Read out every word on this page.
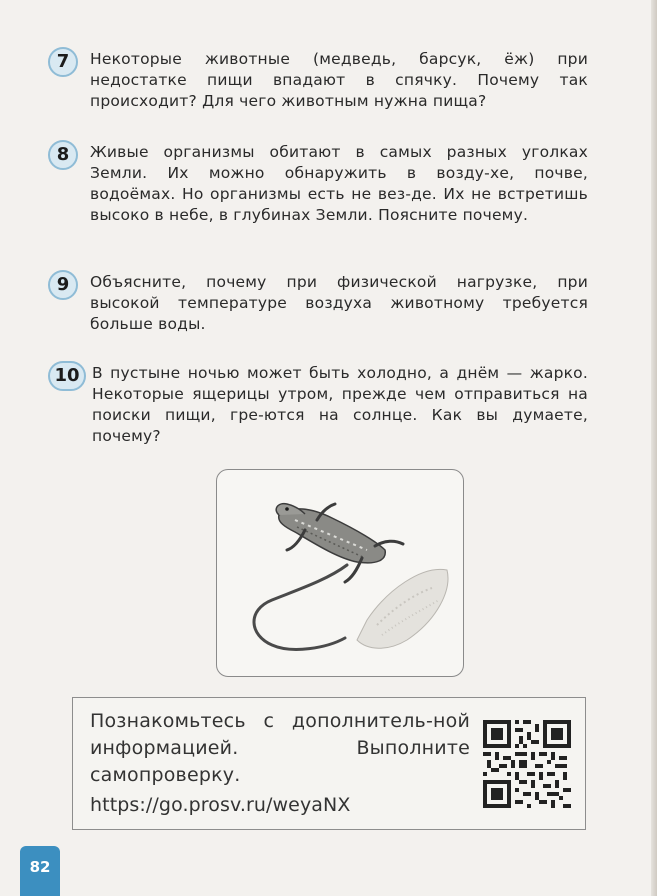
7	Некоторые животные (медведь, барсук, ёж) при недостатке пищи впадают в спячку. Почему так происходит? Для чего животным нужна пища?
8	Живые организмы обитают в самых разных уголках Земли. Их можно обнаружить в возду-хе, почве, водоёмах. Но организмы есть не вез-де. Их не встретишь высоко в небе, в глубинах Земли. Поясните почему.
9	Объясните, почему при физической нагрузке, при высокой температуре воздуха животному требуется больше воды.
10 В пустыне ночью может быть холодно, а днём — жарко. Некоторые ящерицы утром, прежде чем отправиться на поиски пищи, гре-ются на солнце. Как вы думаете, почему?
Познакомьтесь с дополнитель-ной информацией. Выполните самопроверку.
https://go.prosv.ru/weyaNX
82
